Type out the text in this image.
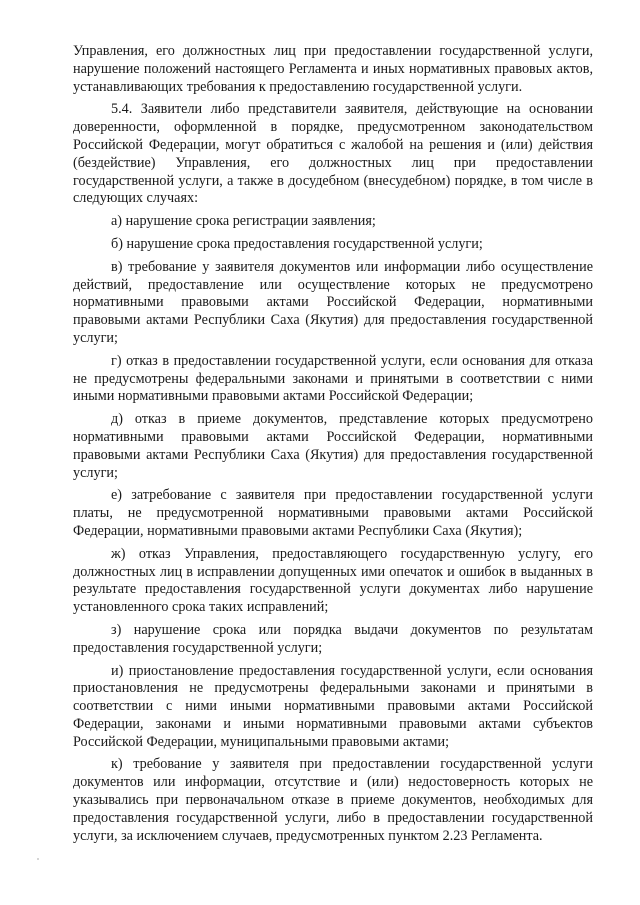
Управления, его должностных лиц при предоставлении государственной услуги, нарушение положений настоящего Регламента и иных нормативных правовых актов, устанавливающих требования к предоставлению государственной услуги.

5.4. Заявители либо представители заявителя, действующие на основании доверенности, оформленной в порядке, предусмотренном законодательством Российской Федерации, могут обратиться с жалобой на решения и (или) действия (бездействие) Управления, его должностных лиц при предоставлении государственной услуги, а также в досудебном (внесудебном) порядке, в том числе в следующих случаях:

а) нарушение срока регистрации заявления;

б) нарушение срока предоставления государственной услуги;

в) требование у заявителя документов или информации либо осуществление действий, предоставление или осуществление которых не предусмотрено нормативными правовыми актами Российской Федерации, нормативными правовыми актами Республики Саха (Якутия) для предоставления государственной услуги;

г) отказ в предоставлении государственной услуги, если основания для отказа не предусмотрены федеральными законами и принятыми в соответствии с ними иными нормативными правовыми актами Российской Федерации;

д) отказ в приеме документов, представление которых предусмотрено нормативными правовыми актами Российской Федерации, нормативными правовыми актами Республики Саха (Якутия) для предоставления государственной услуги;

е) затребование с заявителя при предоставлении государственной услуги платы, не предусмотренной нормативными правовыми актами Российской Федерации, нормативными правовыми актами Республики Саха (Якутия);

ж) отказ Управления, предоставляющего государственную услугу, его должностных лиц в исправлении допущенных ими опечаток и ошибок в выданных в результате предоставления государственной услуги документах либо нарушение установленного срока таких исправлений;

з) нарушение срока или порядка выдачи документов по результатам предоставления государственной услуги;

и) приостановление предоставления государственной услуги, если основания приостановления не предусмотрены федеральными законами и принятыми в соответствии с ними иными нормативными правовыми актами Российской Федерации, законами и иными нормативными правовыми актами субъектов Российской Федерации, муниципальными правовыми актами;

к) требование у заявителя при предоставлении государственной услуги документов или информации, отсутствие и (или) недостоверность которых не указывались при первоначальном отказе в приеме документов, необходимых для предоставления государственной услуги, либо в предоставлении государственной услуги, за исключением случаев, предусмотренных пунктом 2.23 Регламента.
